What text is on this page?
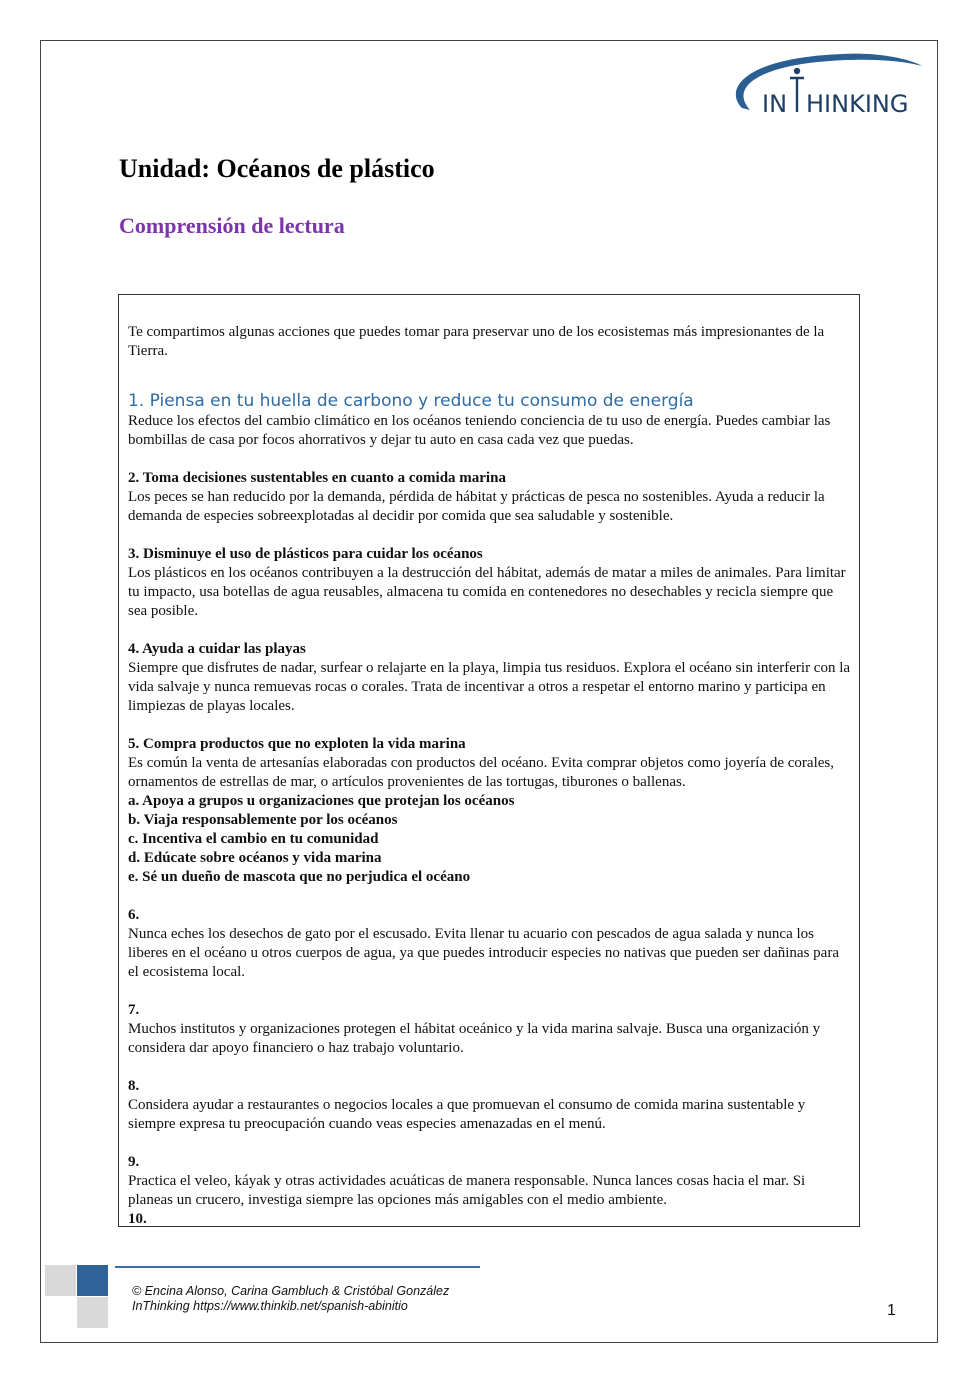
IN HINKING
Unidad: Océanos de plástico
Comprensión de lectura

Te compartimos algunas acciones que puedes tomar para preservar uno de los ecosistemas más impresionantes de la Tierra.

1. Piensa en tu huella de carbono y reduce tu consumo de energía
Reduce los efectos del cambio climático en los océanos teniendo conciencia de tu uso de energía. Puedes cambiar las bombillas de casa por focos ahorrativos y dejar tu auto en casa cada vez que puedas.
2. Toma decisiones sustentables en cuanto a comida marina
Los peces se han reducido por la demanda, pérdida de hábitat y prácticas de pesca no sostenibles. Ayuda a reducir la demanda de especies sobreexplotadas al decidir por comida que sea saludable y sostenible.
3. Disminuye el uso de plásticos para cuidar los océanos
Los plásticos en los océanos contribuyen a la destrucción del hábitat, además de matar a miles de animales. Para limitar tu impacto, usa botellas de agua reusables, almacena tu comida en contenedores no desechables y recicla siempre que sea posible.
4. Ayuda a cuidar las playas
Siempre que disfrutes de nadar, surfear o relajarte en la playa, limpia tus residuos. Explora el océano sin interferir con la vida salvaje y nunca remuevas rocas o corales. Trata de incentivar a otros a respetar el entorno marino y participa en limpiezas de playas locales.
5. Compra productos que no exploten la vida marina
Es común la venta de artesanías elaboradas con productos del océano. Evita comprar objetos como joyería de corales, ornamentos de estrellas de mar, o artículos provenientes de las tortugas, tiburones o ballenas.
a. Apoya a grupos u organizaciones que protejan los océanos
b. Viaja responsablemente por los océanos
c. Incentiva el cambio en tu comunidad
d. Edúcate sobre océanos y vida marina
e. Sé un dueño de mascota que no perjudica el océano
6.
Nunca eches los desechos de gato por el escusado. Evita llenar tu acuario con pescados de agua salada y nunca los liberes en el océano u otros cuerpos de agua, ya que puedes introducir especies no nativas que pueden ser dañinas para el ecosistema local.
7.
Muchos institutos y organizaciones protegen el hábitat oceánico y la vida marina salvaje. Busca una organización y considera dar apoyo financiero o haz trabajo voluntario.
8.
Considera ayudar a restaurantes o negocios locales a que promuevan el consumo de comida marina sustentable y siempre expresa tu preocupación cuando veas especies amenazadas en el menú.
9.
Practica el veleo, káyak y otras actividades acuáticas de manera responsable. Nunca lances cosas hacia el mar. Si planeas un crucero, investiga siempre las opciones más amigables con el medio ambiente.
10.
© Encina Alonso, Carina Gambluch & Cristóbal González
InThinking https://www.thinkib.net/spanish-abinitio	1
